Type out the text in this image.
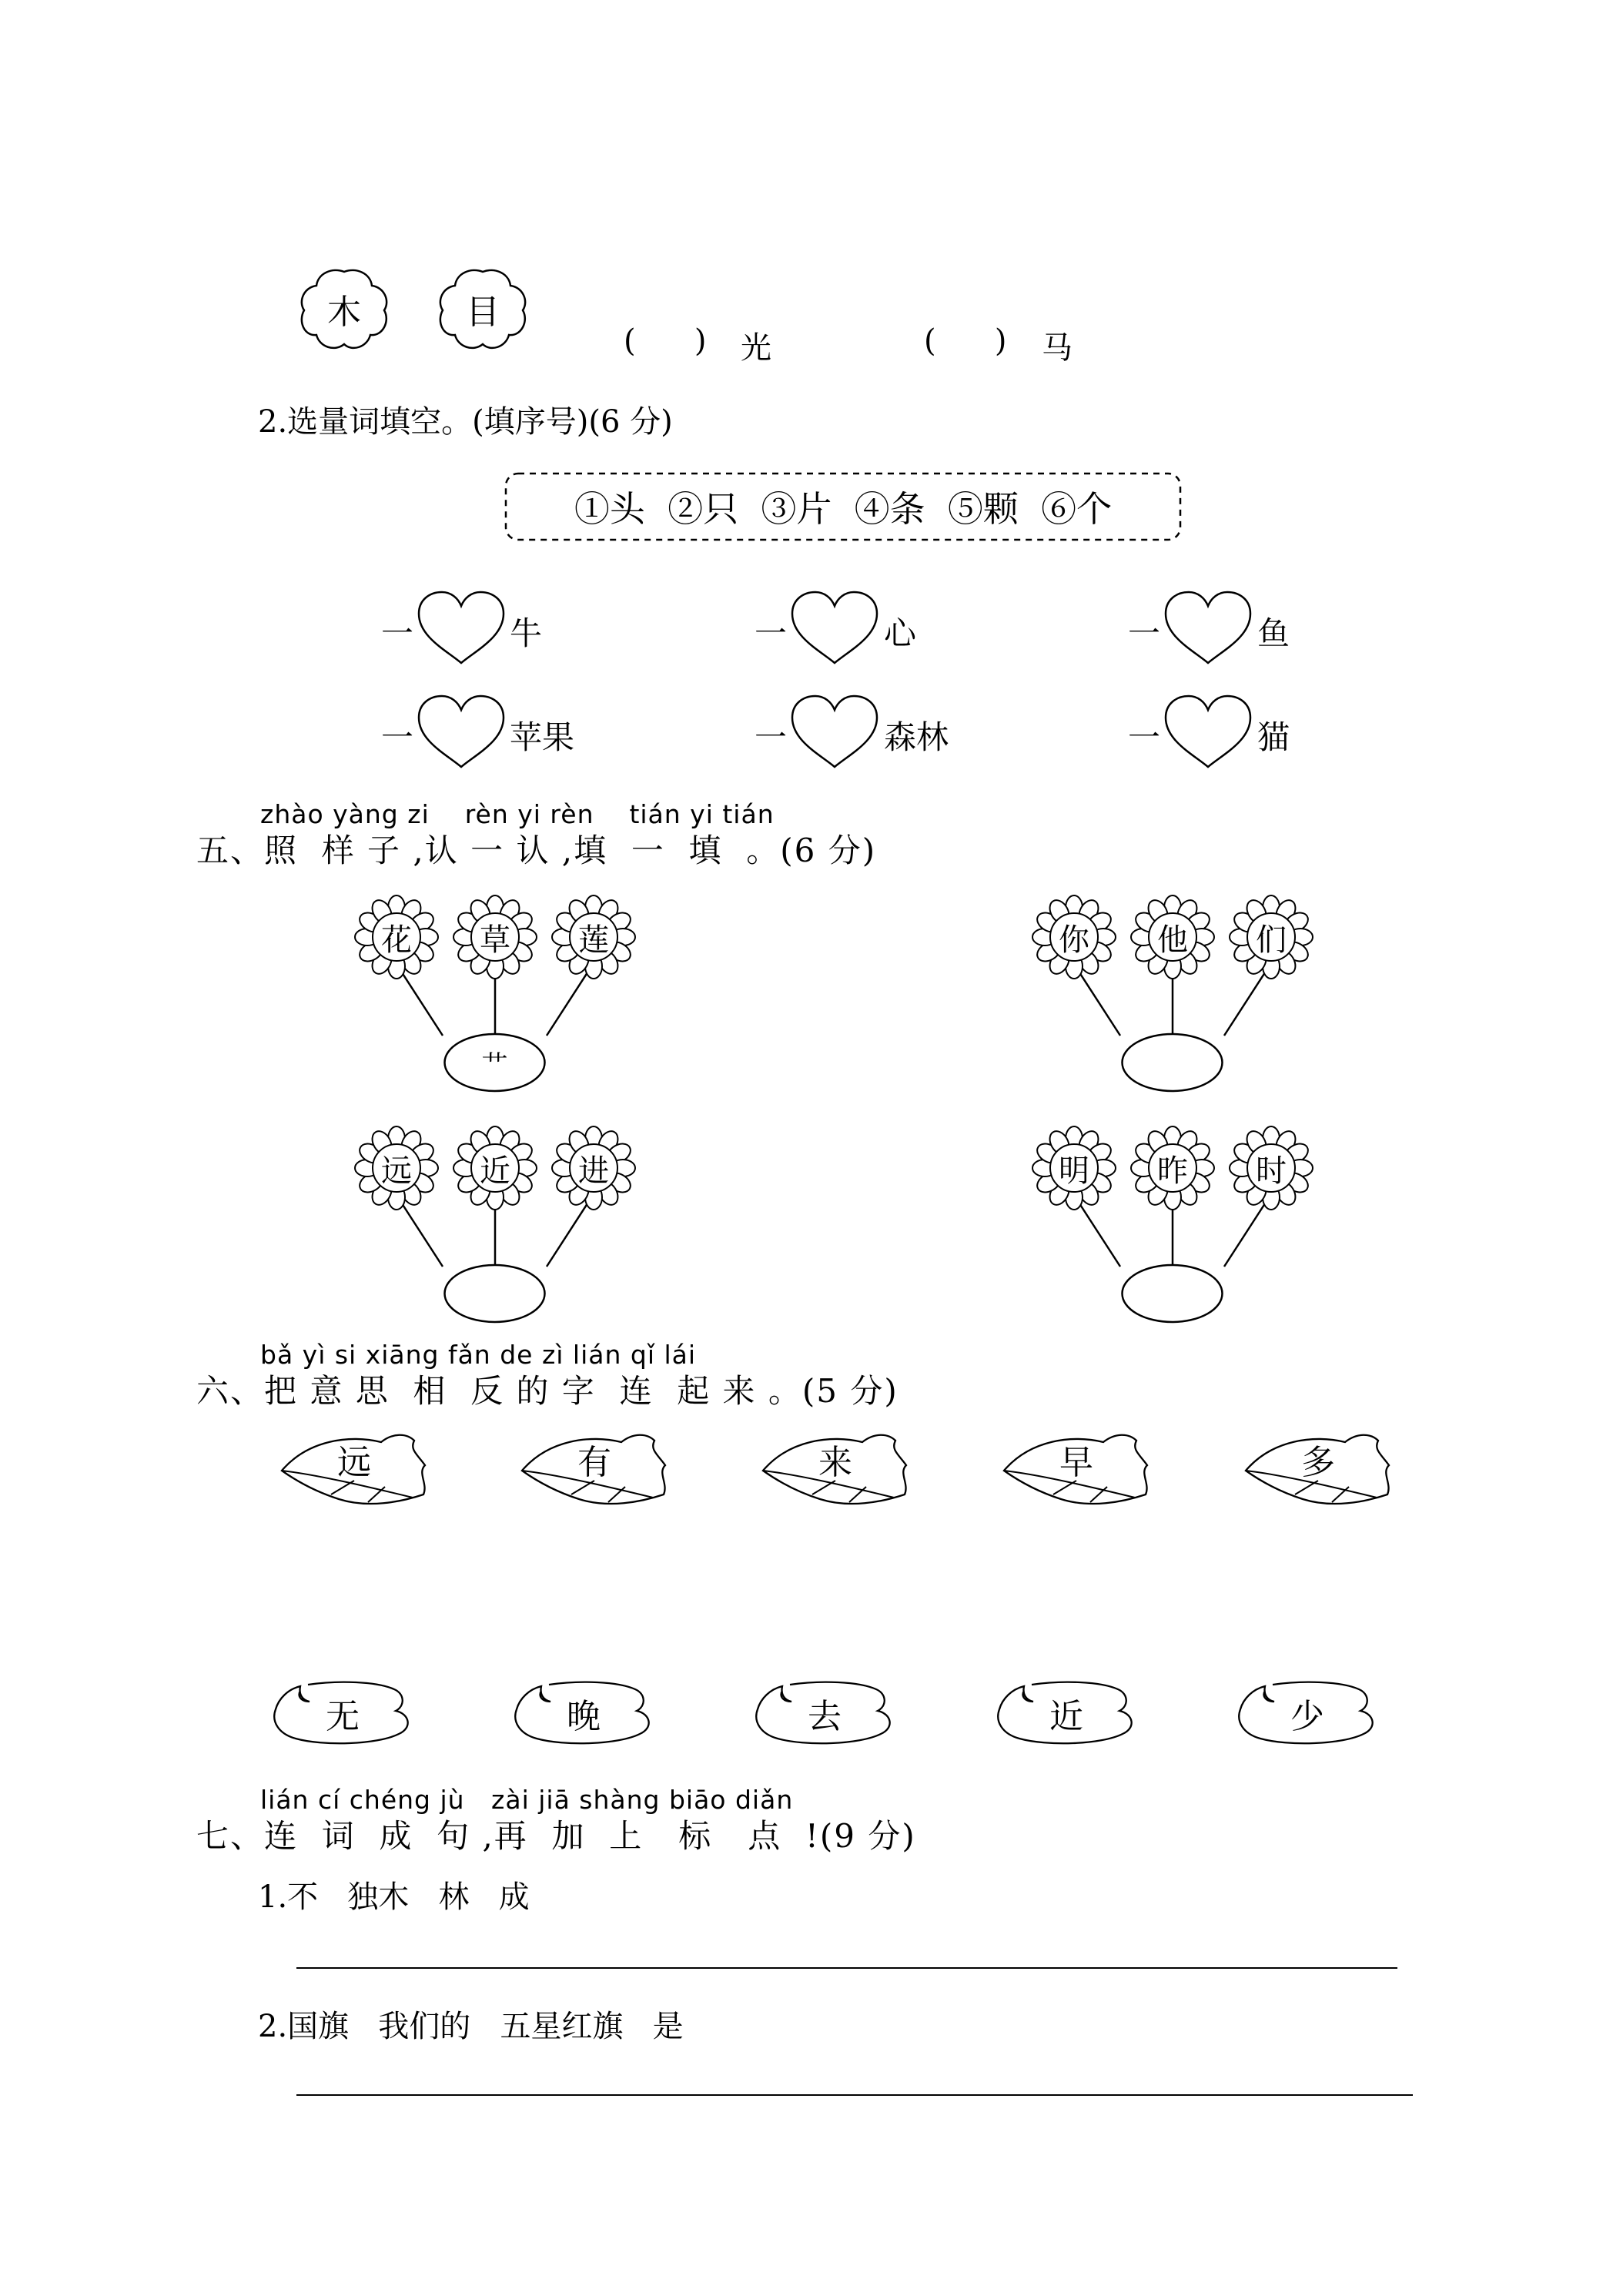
木	目
(      ) 光	(      ) 马
2.选量词填空。(填序号)(6 分)
①头  ②只  ③片  ④条  ⑤颗  ⑥个
一	牛	一	心	一	鱼
一	苹果	一	森林	一	猫
zhào yàng zi    rèn yi rèn    tián yi tián
五、照  样 子 ,认 一 认 ,填  一  填  。(6 分)
花	草	莲
艹
你	他	们
远	近	进	明	昨	时
bǎ yì si xiāng fǎn de zì lián qǐ lái
六、把 意 思  相  反 的 字  连  起 来 。(5 分)
远	有	来	早	多
无	晚	去	近	少
lián cí chéng jù   zài jiā shàng biāo diǎn
七、连  词  成  句 ,再  加  上   标   点  !(9 分)
1.不   独木   林   成
2.国旗   我们的   五星红旗   是
